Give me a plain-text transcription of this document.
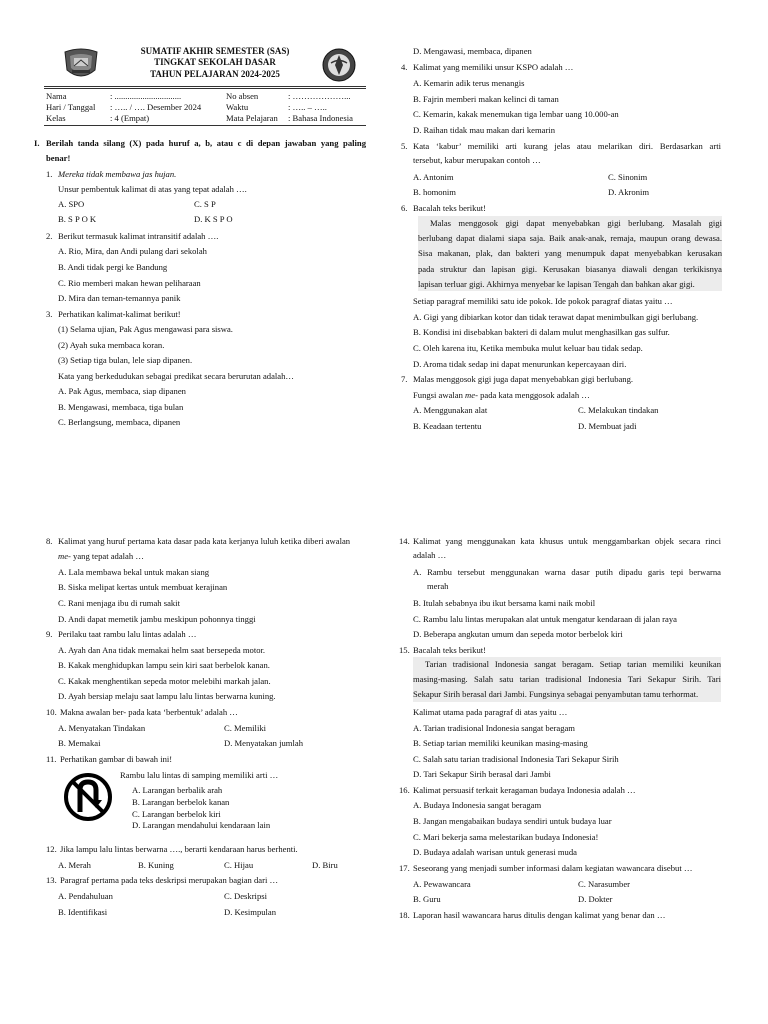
SUMATIF AKHIR SEMESTER (SAS)
TINGKAT SEKOLAH DASAR
TAHUN PELAJARAN 2024-2025
Nama	: ...............................	No absen	: ………………...
Hari / Tanggal : ….. / …. Desember 2024	Waktu	: ….. – …..
Kelas	: 4 (Empat)	Mata Pelajaran : Bahasa Indonesia
I. Berilah tanda silang (X) pada huruf a, b, atau c di depan jawaban yang paling
benar!
1. Mereka tidak membawa jas hujan.
Unsur pembentuk kalimat di atas yang tepat adalah ….
A. SPO	C. S P
B. S P O K	D. K S P O
2. Berikut termasuk kalimat intransitif adalah ….
A. Rio, Mira, dan Andi pulang dari sekolah
B. Andi tidak pergi ke Bandung
C. Rio memberi makan hewan peliharaan
D. Mira dan teman-temannya panik
3. Perhatikan kalimat-kalimat berikut!
(1) Selama ujian, Pak Agus mengawasi para siswa.
(2) Ayah suka membaca koran.
(3) Setiap tiga bulan, lele siap dipanen.
Kata yang berkedudukan sebagai predikat secara berurutan adalah…
A. Pak Agus, membaca, siap dipanen
B. Mengawasi, membaca, tiga bulan
C. Berlangsung, membaca, dipanen
D. Mengawasi, membaca, dipanen
4. Kalimat yang memiliki unsur KSPO adalah …
A. Kemarin adik terus menangis
B. Fajrin memberi makan kelinci di taman
C. Kemarin, kakak menemukan tiga lembar uang 10.000-an
D. Raihan tidak mau makan dari kemarin
5. Kata ‘kabur’ memiliki arti kurang jelas atau melarikan diri. Berdasarkan arti
tersebut, kabur merupakan contoh …
A. Antonim	C. Sinonim
B. homonim	D. Akronim
6. Bacalah teks berikut!
Malas menggosok gigi dapat menyebabkan gigi berlubang. Masalah gigi
berlubang dapat dialami siapa saja. Baik anak-anak, remaja, maupun orang dewasa.
Sisa makanan, plak, dan bakteri yang menumpuk dapat menyebabkan kerusakan
pada struktur dan lapisan gigi. Kerusakan biasanya diawali dengan terkikisnya
lapisan terluar gigi. Akhirnya menyebar ke lapisan Tengah dan bahkan akar gigi.
Setiap paragraf memiliki satu ide pokok. Ide pokok paragraf diatas yaitu …
A. Gigi yang dibiarkan kotor dan tidak terawat dapat menimbulkan gigi berlubang.
B. Kondisi ini disebabkan bakteri di dalam mulut menghasilkan gas sulfur.
C. Oleh karena itu, Ketika membuka mulut keluar bau tidak sedap.
D. Aroma tidak sedap ini dapat menurunkan kepercayaan diri.
7. Malas menggosok gigi juga dapat menyebabkan gigi berlubang.
Fungsi awalan me- pada kata menggosok adalah …
A. Menggunakan alat	C. Melakukan tindakan
B. Keadaan tertentu	D. Membuat jadi
8. Kalimat yang huruf pertama kata dasar pada kata kerjanya luluh ketika diberi awalan
me- yang tepat adalah …
A. Lala membawa bekal untuk makan siang
B. Siska melipat kertas untuk membuat kerajinan
C. Rani menjaga ibu di rumah sakit
D. Andi dapat memetik jambu meskipun pohonnya tinggi
9. Perilaku taat rambu lalu lintas adalah …
A. Ayah dan Ana tidak memakai helm saat bersepeda motor.
B. Kakak menghidupkan lampu sein kiri saat berbelok kanan.
C. Kakak menghentikan sepeda motor melebihi markah jalan.
D. Ayah bersiap melaju saat lampu lalu lintas berwarna kuning.
10. Makna awalan ber- pada kata ‘berbentuk’ adalah …
A. Menyatakan Tindakan	C. Memiliki
B. Memakai	D. Menyatakan jumlah
11. Perhatikan gambar di bawah ini!
Rambu lalu lintas di samping memiliki arti …
A. Larangan berbalik arah
B. Larangan berbelok kanan
C. Larangan berbelok kiri
D. Larangan mendahului kendaraan lain
12. Jika lampu lalu lintas berwarna …., berarti kendaraan harus berhenti.
A. Merah	B. Kuning	C. Hijau	D. Biru
13. Paragraf pertama pada teks deskripsi merupakan bagian dari …
A. Pendahuluan	C. Deskripsi
B. Identifikasi	D. Kesimpulan
14. Kalimat yang menggunakan kata khusus untuk menggambarkan objek secara rinci
adalah …
A. Rambu tersebut menggunakan warna dasar putih dipadu garis tepi berwarna
merah
B. Itulah sebabnya ibu ikut bersama kami naik mobil
C. Rambu lalu lintas merupakan alat untuk mengatur kendaraan di jalan raya
D. Beberapa angkutan umum dan sepeda motor berbelok kiri
15. Bacalah teks berikut!
Tarian tradisional Indonesia sangat beragam. Setiap tarian memiliki keunikan
masing-masing. Salah satu tarian tradisional Indonesia Tari Sekapur Sirih. Tari
Sekapur Sirih berasal dari Jambi. Fungsinya sebagai penyambutan tamu terhormat.
Kalimat utama pada paragraf di atas yaitu …
A. Tarian tradisional Indonesia sangat beragam
B. Setiap tarian memiliki keunikan masing-masing
C. Salah satu tarian tradisional Indonesia Tari Sekapur Sirih
D. Tari Sekapur Sirih berasal dari Jambi
16. Kalimat persuasif terkait keragaman budaya Indonesia adalah …
A. Budaya Indonesia sangat beragam
B. Jangan mengabaikan budaya sendiri untuk budaya luar
C. Mari bekerja sama melestarikan budaya Indonesia!
D. Budaya adalah warisan untuk generasi muda
17. Seseorang yang menjadi sumber informasi dalam kegiatan wawancara disebut …
A. Pewawancara	C. Narasumber
B. Guru	D. Dokter
18. Laporan hasil wawancara harus ditulis dengan kalimat yang benar dan …
